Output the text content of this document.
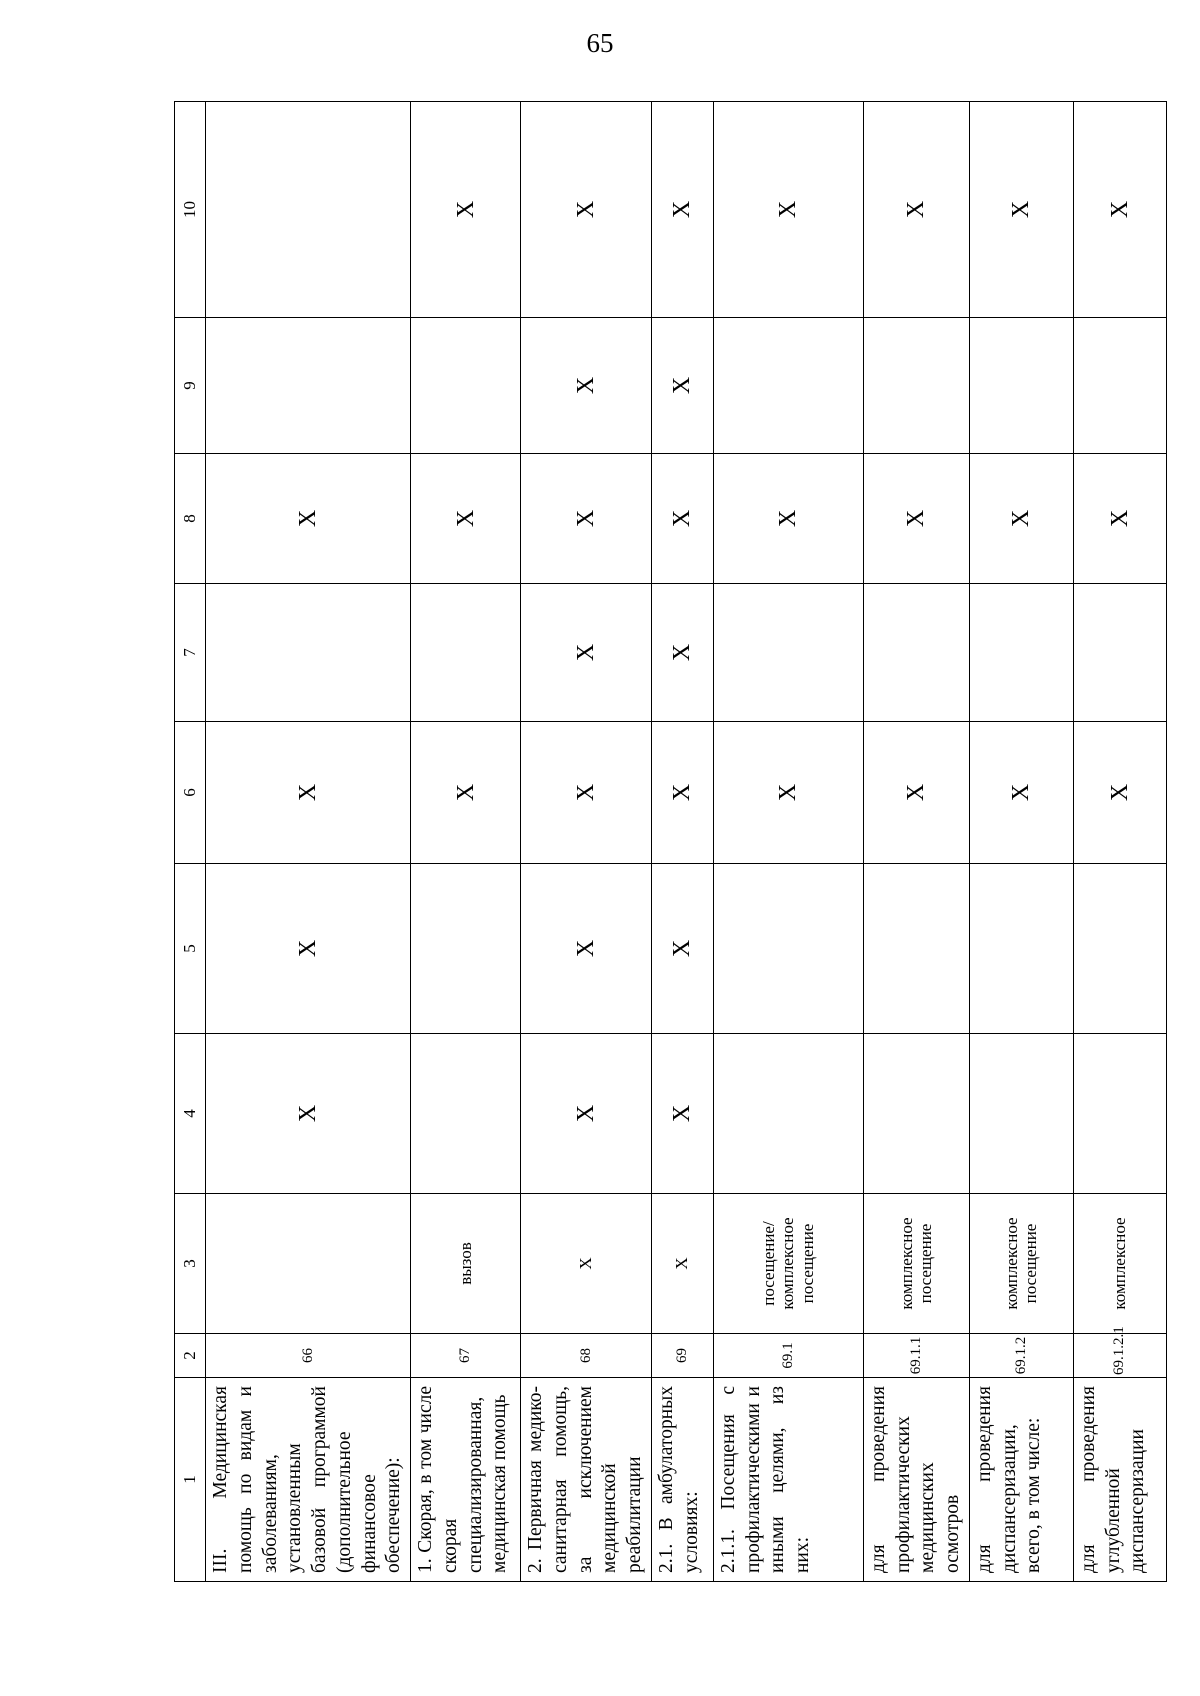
65
1	2	3	4	5	6	7	8	9	10
III. Медицинская помощь по видам и заболеваниям, установленным базовой программой (дополнительное финансовое обеспечение):	66		X	X	X		X		
1. Скорая, в том числе скорая специализированная, медицинская помощь	67	вызов			X		X		X
2. Первичная медико-санитарная помощь, за исключением медицинской реабилитации	68	X	X	X	X	X	X	X	X
2.1. В амбулаторных условиях:	69	X	X	X	X	X	X	X	X
2.1.1. Посещения с профилактическими и иными целями, из них:	69.1	посещение/ комплексное посещение			X		X		X
для проведения профилактических медицинских осмотров	69.1.1	комплексное посещение			X		X		X
для проведения диспансеризации, всего, в том числе:	69.1.2	комплексное посещение			X		X		X
для проведения углубленной диспансеризации	69.1.2.1	комплексное			X		X		X
